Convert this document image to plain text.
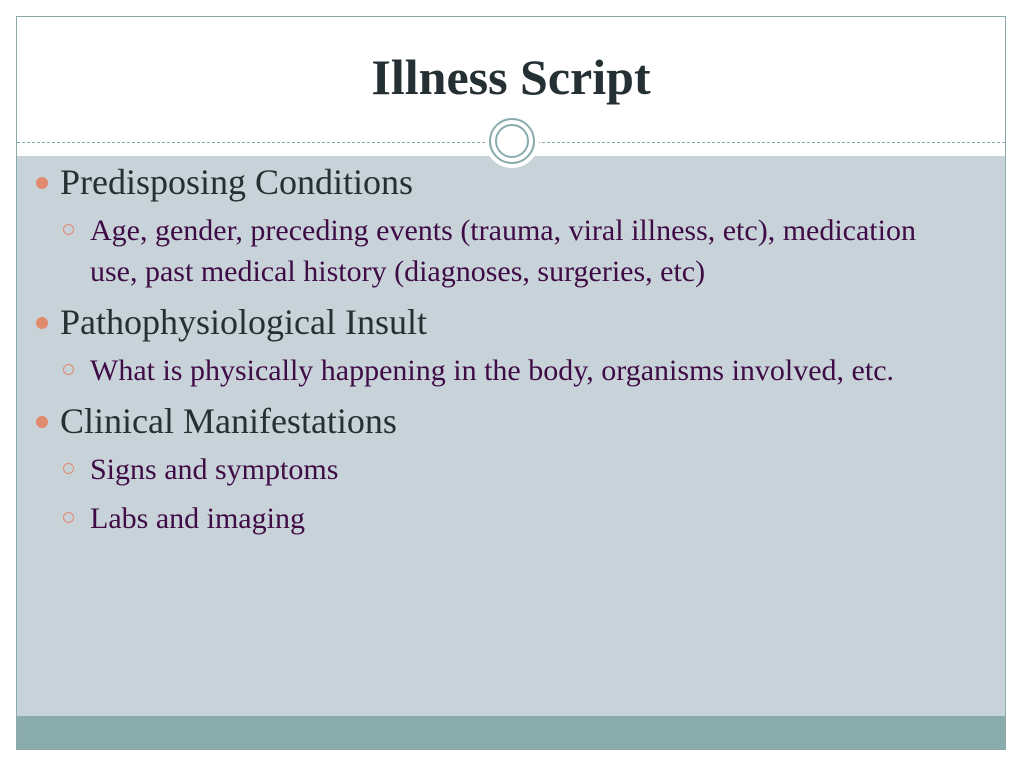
Illness Script
Predisposing Conditions
Age, gender, preceding events (trauma, viral illness, etc), medication use, past medical history (diagnoses, surgeries, etc)
Pathophysiological Insult
What is physically happening in the body, organisms involved, etc.
Clinical Manifestations
Signs and symptoms
Labs and imaging
